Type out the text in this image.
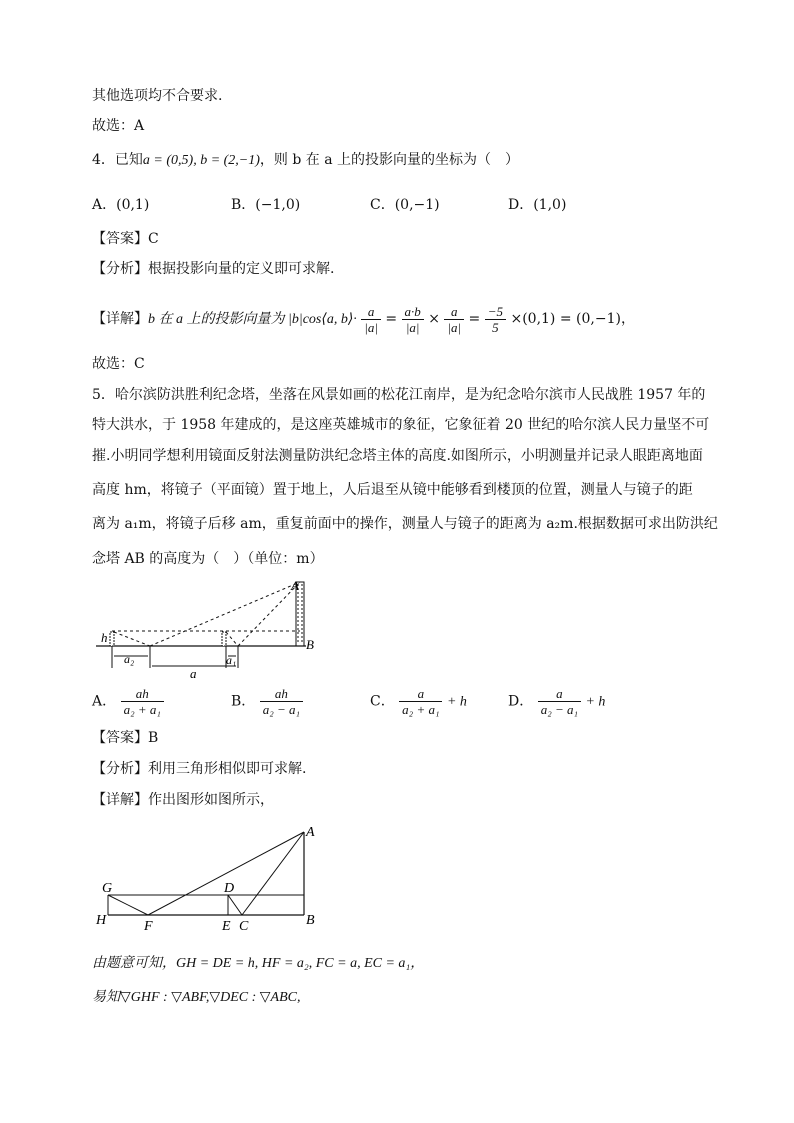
其他选项均不合要求.
故选：A
4．已知a = (0,5), b = (2,−1)，则 b 在 a 上的投影向量的坐标为（　）
A．(0,1)	B．(−1,0)	C．(0,−1)	D．(1,0)
【答案】C
【分析】根据投影向量的定义即可求解.
【详解】b 在 a 上的投影向量为 |b|cos⟨a, b⟩· $\frac{a}{|a|} = \frac{a\cdot b}{|a|} \times \frac{a}{|a|} = \frac{-5}{5} \times(0,1) = (0,-1)$，
故选：C
5．哈尔滨防洪胜利纪念塔，坐落在风景如画的松花江南岸，是为纪念哈尔滨市人民战胜 1957 年的
特大洪水，于 1958 年建成的，是这座英雄城市的象征，它象征着 20 世纪的哈尔滨人民力量坚不可
摧.小明同学想利用镜面反射法测量防洪纪念塔主体的高度.如图所示，小明测量并记录人眼距离地面
高度 hm，将镜子（平面镜）置于地上，人后退至从镜中能够看到楼顶的位置，测量人与镜子的距
离为 a₁m，将镜子后移 am，重复前面中的操作，测量人与镜子的距离为 a₂m.根据数据可求出防洪纪
念塔 AB 的高度为（　）（单位：m）
A
B
h
a₂
a
a₁
A． $\frac{ah}{\text{a₂ + a₁}}$	B． $\frac{ah}{\text{a₂ − a₁}}$	C． $\frac{a}{\text{a₂ + a₁}} + h$	D． $\frac{a}{\text{a₂ − a₁}} + h$
【答案】B
【分析】利用三角形相似即可求解.
【详解】作出图形如图所示，
A
B
G
H	F
D
E C
由题意可知，GH = DE = h, HF = a₂, FC = a, EC = a₁，
易知▽GHF : ▽ABF,▽DEC : ▽ABC,
